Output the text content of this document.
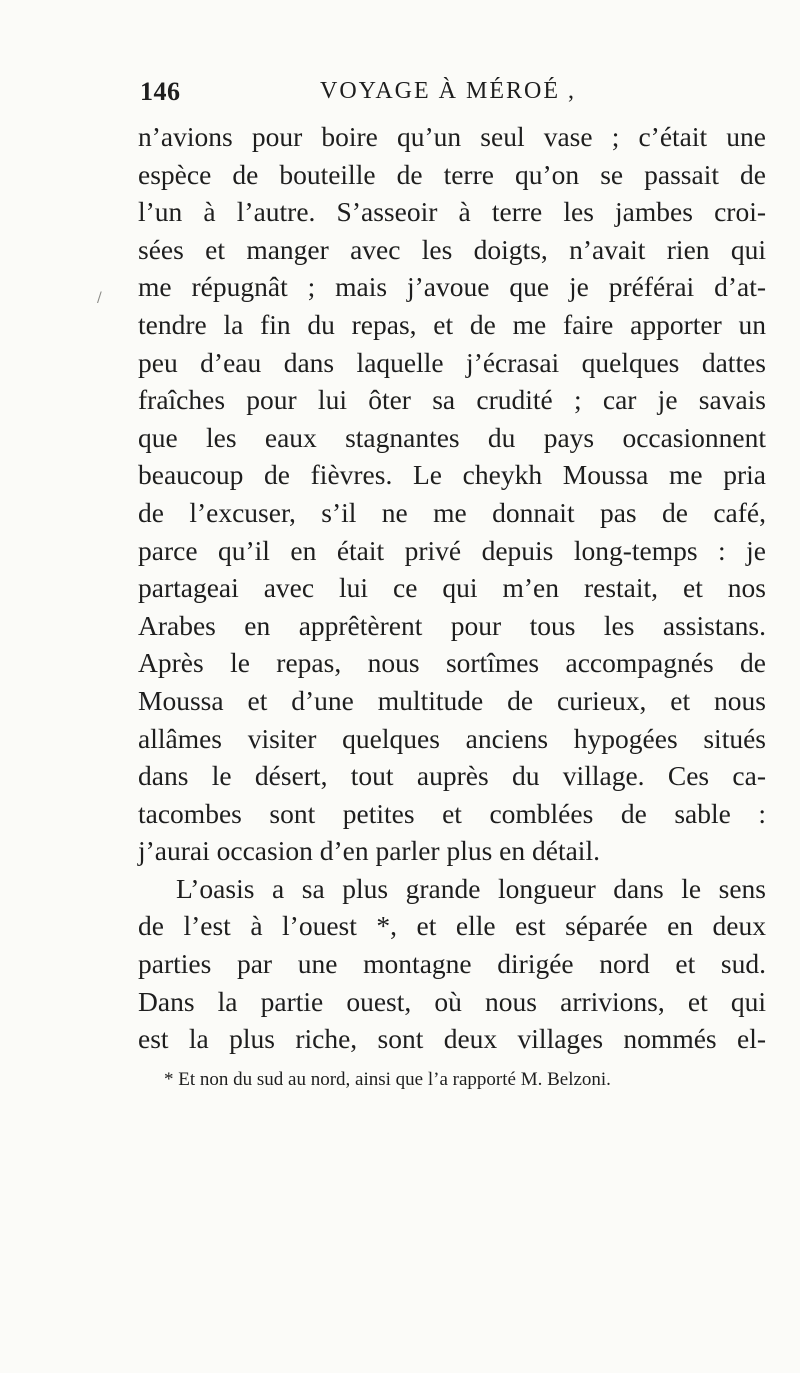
146	VOYAGE À MÉROÉ ,
n’avions pour boire qu’un seul vase ; c’était une
espèce de bouteille de terre qu’on se passait de
l’un à l’autre. S’asseoir à terre les jambes croi-
sées et manger avec les doigts, n’avait rien qui
me répugnât ; mais j’avoue que je préférai d’at-
tendre la fin du repas, et de me faire apporter un
peu d’eau dans laquelle j’écrasai quelques dattes
fraîches pour lui ôter sa crudité ; car je savais
que les eaux stagnantes du pays occasionnent
beaucoup de fièvres. Le cheykh Moussa me pria
de l’excuser, s’il ne me donnait pas de café,
parce qu’il en était privé depuis long-temps : je
partageai avec lui ce qui m’en restait, et nos
Arabes en apprêtèrent pour tous les assistans.
Après le repas, nous sortîmes accompagnés de
Moussa et d’une multitude de curieux, et nous
allâmes visiter quelques anciens hypogées situés
dans le désert, tout auprès du village. Ces ca-
tacombes sont petites et comblées de sable :
j’aurai occasion d’en parler plus en détail.
L’oasis a sa plus grande longueur dans le sens
de l’est à l’ouest *, et elle est séparée en deux
parties par une montagne dirigée nord et sud.
Dans la partie ouest, où nous arrivions, et qui
est la plus riche, sont deux villages nommés el-
* Et non du sud au nord, ainsi que l’a rapporté M. Belzoni.
/
